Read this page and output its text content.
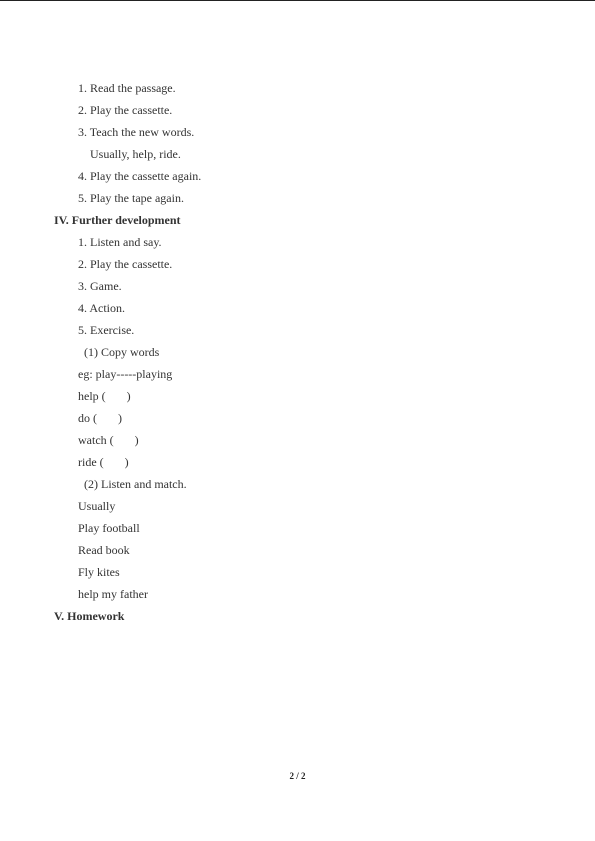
1. Read the passage.
2. Play the cassette.
3. Teach the new words.
Usually, help, ride.
4. Play the cassette again.
5. Play the tape again.
IV. Further development
1. Listen and say.
2. Play the cassette.
3. Game.
4. Action.
5. Exercise.
(1) Copy words
eg: play-----playing
help (       )
do (       )
watch (       )
ride (       )
(2) Listen and match.
Usually
Play football
Read book
Fly kites
help my father
V. Homework
2 / 2
